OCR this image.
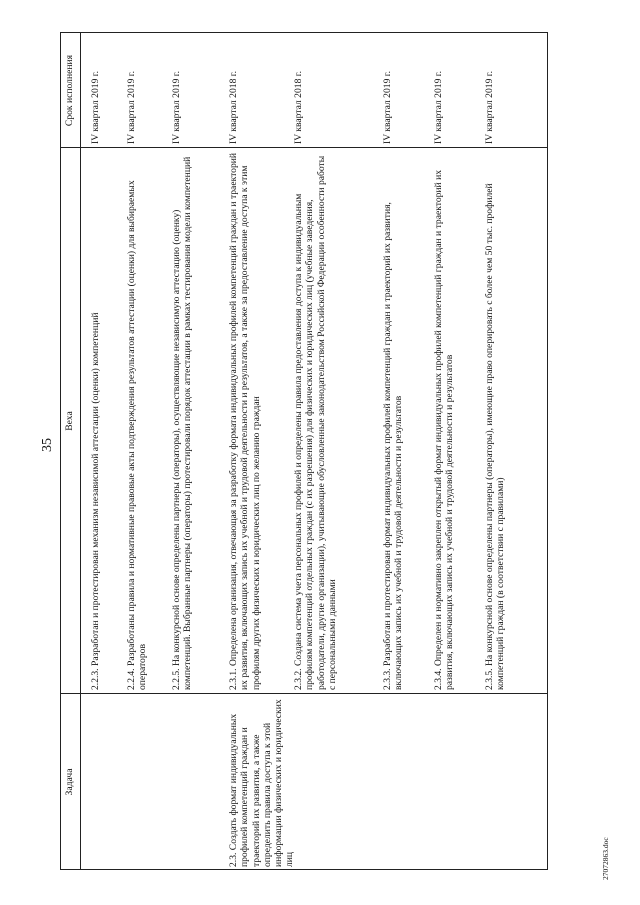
35
Задача
Веха
Срок исполнения
2.3. Создать формат индивидуальных профилей компетенций граждан и траекторий их развития, а также определить правила доступа к этой информации физических и юридических лиц
2.2.3. Разработан и протестирован механизм независимой аттестации (оценки) компетенций
IV квартал 2019 г.
2.2.4. Разработаны правила и нормативные правовые акты подтверждения результатов аттестации (оценки) для выбираемых операторов
IV квартал 2019 г.
2.2.5. На конкурсной основе определены партнеры (операторы), осуществляющие независимую аттестацию (оценку) компетенций. Выбранные партнеры (операторы) протестировали порядок аттестации в рамках тестирования модели компетенций
IV квартал 2019 г.
2.3.1. Определена организация, отвечающая за разработку формата индивидуальных профилей компетенций граждан и траекторий их развития, включающих запись их учебной и трудовой деятельности и результатов, а также за предоставление доступа к этим профилям других физических и юридических лиц по желанию граждан
IV квартал 2018 г.
2.3.2. Создана система учета персональных профилей и определены правила предоставления доступа к индивидуальным профилям компетенций отдельных граждан (с их разрешения) для физических и юридических лиц (учебные заведения, работодатели, другие организации), учитывающие обусловленные законодательством Российской Федерации особенности работы с персональными данными
IV квартал 2018 г.
2.3.3. Разработан и протестирован формат индивидуальных профилей компетенций граждан и траекторий их развития, включающих запись их учебной и трудовой деятельности и результатов
IV квартал 2019 г.
2.3.4. Определен и нормативно закреплен открытый формат индивидуальных профилей компетенций граждан и траекторий их развития, включающих запись их учебной и трудовой деятельности и результатов
IV квартал 2019 г.
2.3.5. На конкурсной основе определены партнеры (операторы), имеющие право оперировать с более чем 50 тыс. профилей компетенций граждан (в соответствии с правилами)
IV квартал 2019 г.
27072863.doc
